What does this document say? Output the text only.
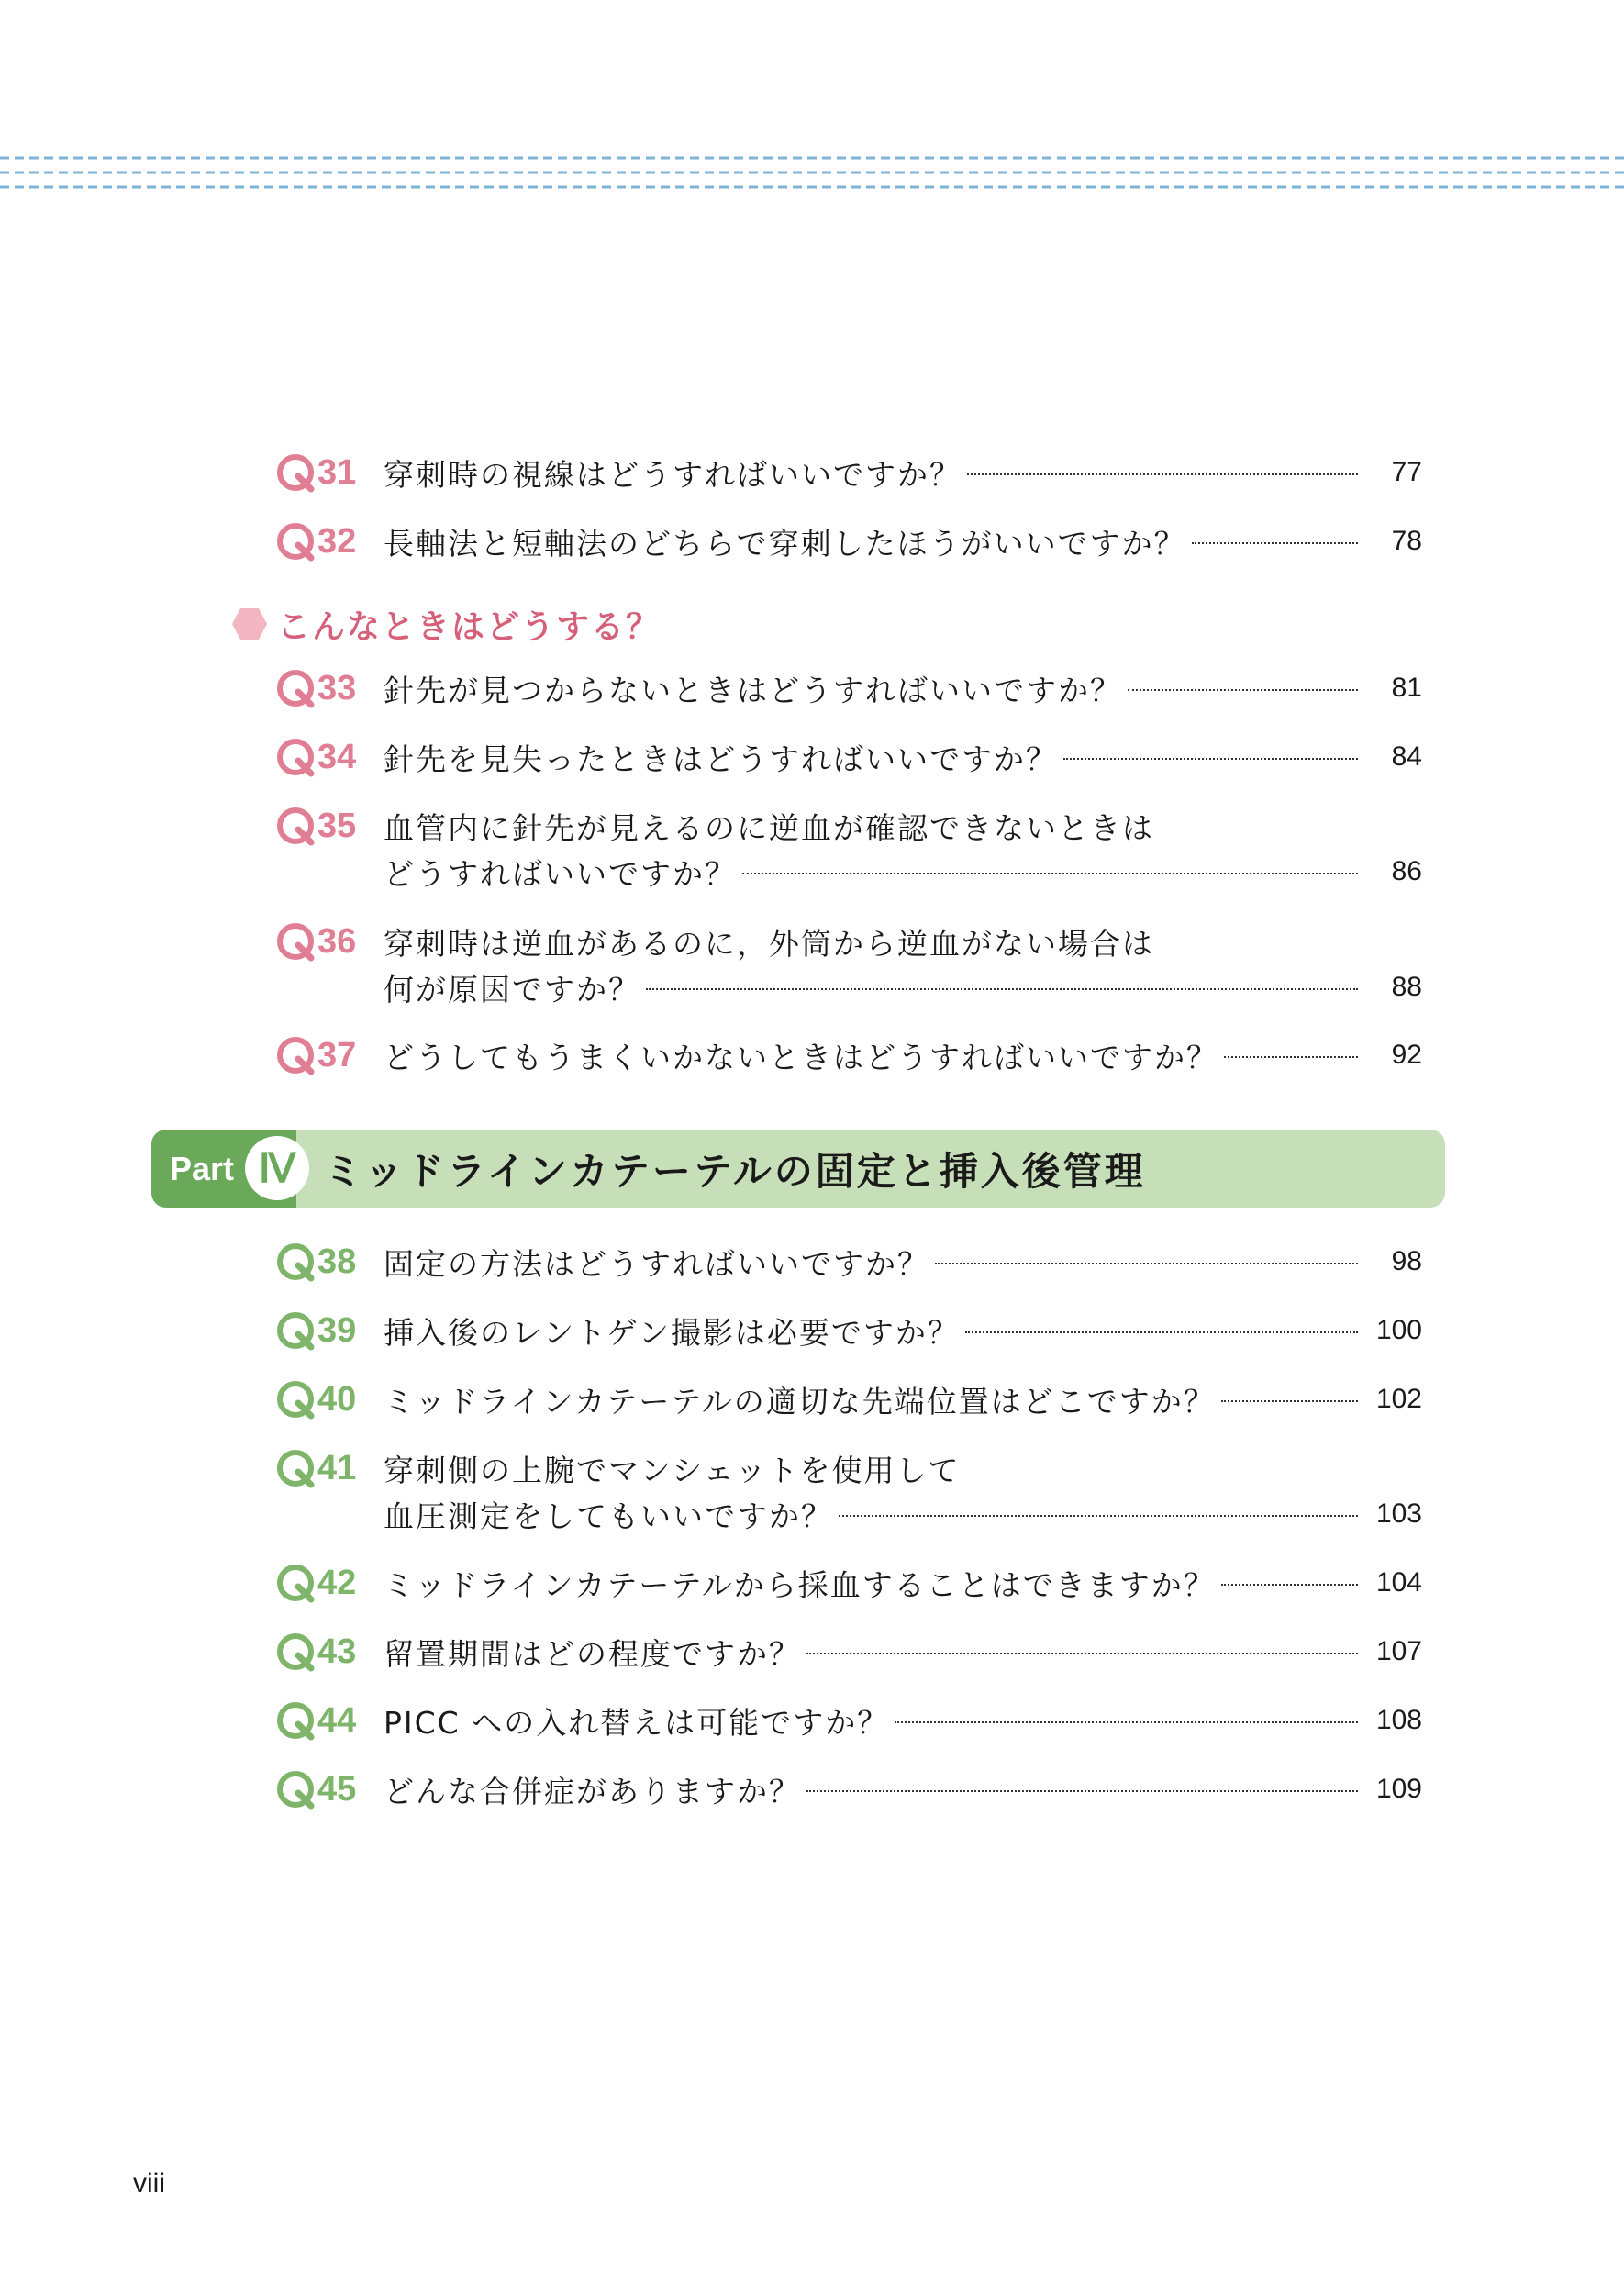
31 穿刺時の視線はどうすればいいですか？	77
32 長軸法と短軸法のどちらで穿刺したほうがいいですか？	78
こんなときはどうする？
33 針先が見つからないときはどうすればいいですか？	81
34 針先を見失ったときはどうすればいいですか？	84
35 血管内に針先が見えるのに逆血が確認できないときは
どうすればいいですか？	86
36 穿刺時は逆血があるのに，外筒から逆血がない場合は
何が原因ですか？	88
37 どうしてもうまくいかないときはどうすればいいですか？	92
Part Ⅳ ミッドラインカテーテルの固定と挿入後管理
38 固定の方法はどうすればいいですか？	98
39 挿入後のレントゲン撮影は必要ですか？	100
40 ミッドラインカテーテルの適切な先端位置はどこですか？	102
41 穿刺側の上腕でマンシェットを使用して
血圧測定をしてもいいですか？	103
42 ミッドラインカテーテルから採血することはできますか？	104
43 留置期間はどの程度ですか？	107
44 PICC への入れ替えは可能ですか？	108
45 どんな合併症がありますか？	109
viii
